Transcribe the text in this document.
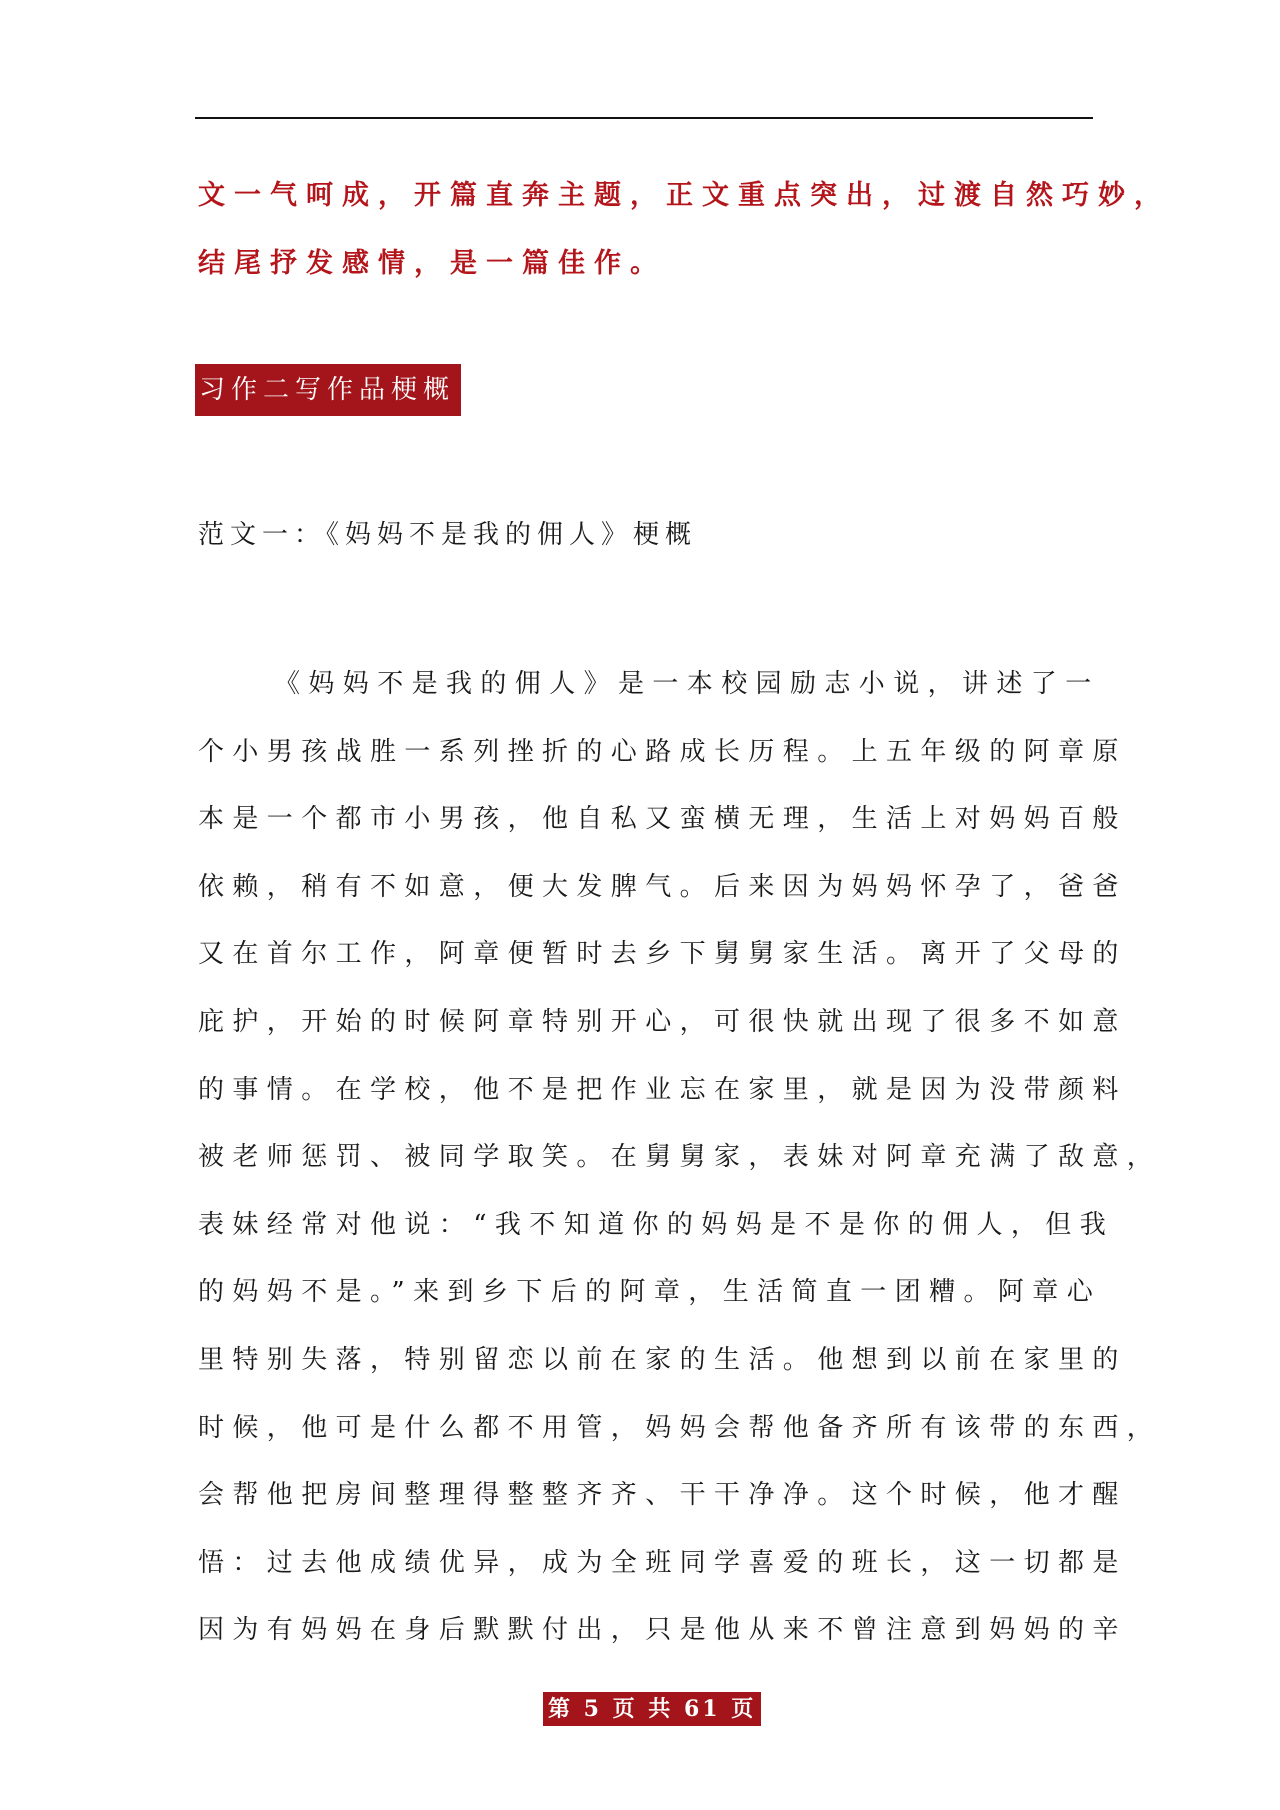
文一气呵成，开篇直奔主题，正文重点突出，过渡自然巧妙，
结尾抒发感情，是一篇佳作。

习作二写作品梗概
范文一：《妈妈不是我的佣人》梗概

《妈妈不是我的佣人》是一本校园励志小说，讲述了一
个小男孩战胜一系列挫折的心路成长历程。上五年级的阿章原
本是一个都市小男孩，他自私又蛮横无理，生活上对妈妈百般
依赖，稍有不如意，便大发脾气。后来因为妈妈怀孕了，爸爸
又在首尔工作，阿章便暂时去乡下舅舅家生活。离开了父母的
庇护，开始的时候阿章特别开心，可很快就出现了很多不如意
的事情。在学校，他不是把作业忘在家里，就是因为没带颜料
被老师惩罚、被同学取笑。在舅舅家，表妹对阿章充满了敌意，
表妹经常对他说：“我不知道你的妈妈是不是你的佣人，但我
的妈妈不是。”来到乡下后的阿章，生活简直一团糟。阿章心
里特别失落，特别留恋以前在家的生活。他想到以前在家里的
时候，他可是什么都不用管，妈妈会帮他备齐所有该带的东西，
会帮他把房间整理得整整齐齐、干干净净。这个时候，他才醒
悟：过去他成绩优异，成为全班同学喜爱的班长，这一切都是
因为有妈妈在身后默默付出，只是他从来不曾注意到妈妈的辛

第 5 页 共 61 页
